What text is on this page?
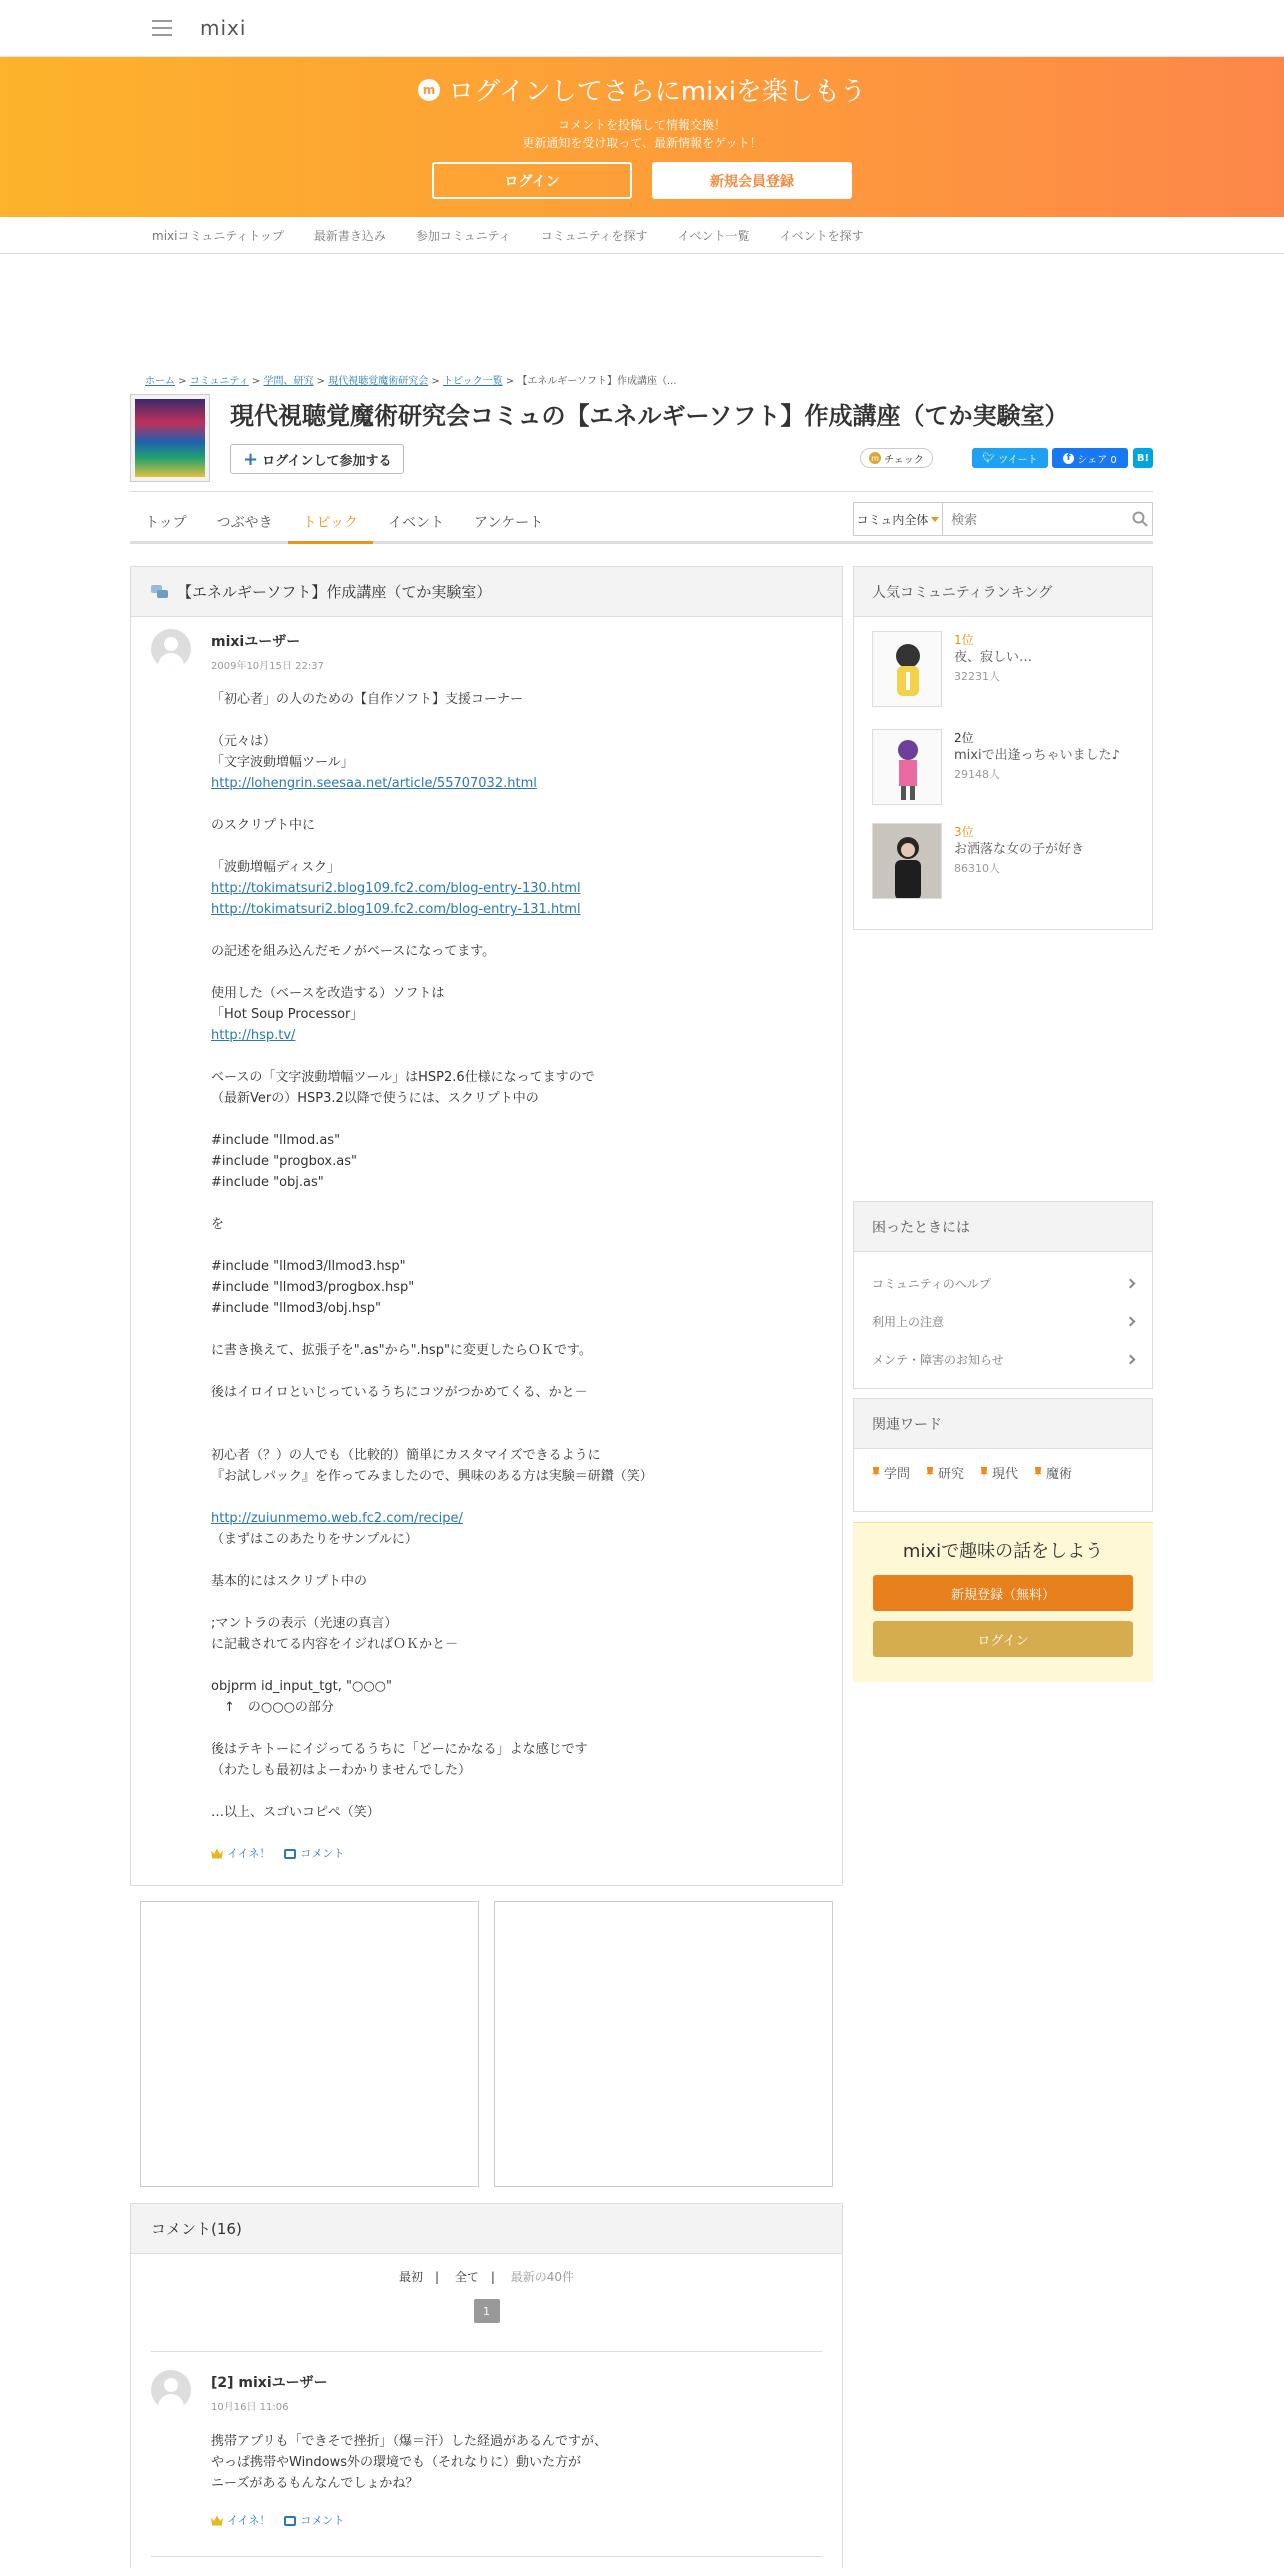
mixi
m ログインしてさらにmixiを楽しもう
コメントを投稿して情報交換！
更新通知を受け取って、最新情報をゲット！
ログイン	新規会員登録
mixiコミュニティトップ	最新書き込み	参加コミュニティ	コミュニティを探す	イベント一覧	イベントを探す
ホーム > コミュニティ > 学問、研究 > 現代視聴覚魔術研究会 > トピック一覧 > 【エネルギーソフト】作成講座（...
現代視聴覚魔術研究会コミュの【エネルギーソフト】作成講座（てか実験室）
+ ログインして参加する	m チェック	🐦︎
ツイート	f
シェア 0	B!
トップ	つぶやき	トピック	イベント	アンケート	コミュ内全体
検索
【エネルギーソフト】作成講座（てか実験室）
mixiユーザー
2009年10月15日 22:37
「初心者」の人のための【自作ソフト】支援コーナー
（元々は）
「文字波動増幅ツール」
http://lohengrin.seesaa.net/article/55707032.html
のスクリプト中に
「波動増幅ディスク」
http://tokimatsuri2.blog109.fc2.com/blog-entry-130.html
http://tokimatsuri2.blog109.fc2.com/blog-entry-131.html
の記述を組み込んだモノがベースになってます。
使用した（ベースを改造する）ソフトは
「Hot Soup Processor」
http://hsp.tv/
ベースの「文字波動増幅ツール」はHSP2.6仕様になってますので
（最新Verの）HSP3.2以降で使うには、スクリプト中の
#include "llmod.as"
#include "progbox.as"
#include "obj.as"
を
#include "llmod3/llmod3.hsp"
#include "llmod3/progbox.hsp"
#include "llmod3/obj.hsp"
に書き換えて、拡張子を".as"から".hsp"に変更したらＯＫです。
後はイロイロといじっているうちにコツがつかめてくる、かと－
初心者（？）の人でも（比較的）簡単にカスタマイズできるように
『お試しパック』を作ってみましたので、興味のある方は実験＝研鑽（笑）
http://zuiunmemo.web.fc2.com/recipe/
（まずはこのあたりをサンプルに）
基本的にはスクリプト中の
;マントラの表示（光速の真言）
に記載されてる内容をイジればＯＫかと－
objprm id_input_tgt, "○○○"
　↑　の○○○の部分
後はテキトーにイジってるうちに「どーにかなる」よな感じです
（わたしも最初はよーわかりませんでした）
…以上、スゴいコピペ（笑）
イイネ！	コメント
コメント(16)
最初 | 全て | 最新の40件
1
[2] mixiユーザー
10月16日 11:06
携帯アプリも「できそで挫折」（爆＝汗）した経過があるんですが、
やっぱ携帯やWindows外の環境でも（それなりに）動いた方が
ニーズがあるもんなんでしょかね？
イイネ！	コメント
人気コミュニティランキング
1位
夜、寂しい…
32231人
2位
mixiで出逢っちゃいました♪
29148人
3位
お洒落な女の子が好き
86310人
困ったときには
コミュニティのヘルプ
利用上の注意
メンテ・障害のお知らせ
関連ワード
学問 研究 現代 魔術
mixiで趣味の話をしよう
新規登録（無料）
ログイン
